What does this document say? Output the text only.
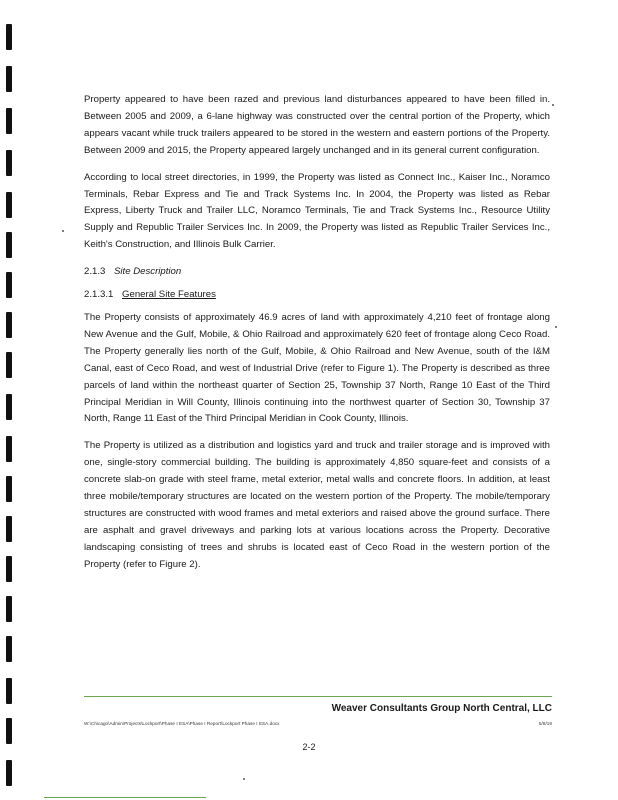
Property appeared to have been razed and previous land disturbances appeared to have been filled in. Between 2005 and 2009, a 6-lane highway was constructed over the central portion of the Property, which appears vacant while truck trailers appeared to be stored in the western and eastern portions of the Property. Between 2009 and 2015, the Property appeared largely unchanged and in its general current configuration.

According to local street directories, in 1999, the Property was listed as Connect Inc., Kaiser Inc., Noramco Terminals, Rebar Express and Tie and Track Systems Inc. In 2004, the Property was listed as Rebar Express, Liberty Truck and Trailer LLC, Noramco Terminals, Tie and Track Systems Inc., Resource Utility Supply and Republic Trailer Services Inc. In 2009, the Property was listed as Republic Trailer Services Inc., Keith's Construction, and Illinois Bulk Carrier.

2.1.3 Site Description
2.1.3.1 General Site Features

The Property consists of approximately 46.9 acres of land with approximately 4,210 feet of frontage along New Avenue and the Gulf, Mobile, & Ohio Railroad and approximately 620 feet of frontage along Ceco Road. The Property generally lies north of the Gulf, Mobile, & Ohio Railroad and New Avenue, south of the I&M Canal, east of Ceco Road, and west of Industrial Drive (refer to Figure 1). The Property is described as three parcels of land within the northeast quarter of Section 25, Township 37 North, Range 10 East of the Third Principal Meridian in Will County, Illinois continuing into the northwest quarter of Section 30, Township 37 North, Range 11 East of the Third Principal Meridian in Cook County, Illinois.

The Property is utilized as a distribution and logistics yard and truck and trailer storage and is improved with one, single-story commercial building. The building is approximately 4,850 square-feet and consists of a concrete slab-on grade with steel frame, metal exterior, metal walls and concrete floors. In addition, at least three mobile/temporary structures are located on the western portion of the Property. The mobile/temporary structures are constructed with wood frames and metal exteriors and raised above the ground surface. There are asphalt and gravel driveways and parking lots at various locations across the Property. Decorative landscaping consisting of trees and shrubs is located east of Ceco Road in the western portion of the Property (refer to Figure 2).

Weaver Consultants Group North Central, LLC
W:\Chicago\Admin\Projects\Lockport\Phase I ESA\Phase I Report\Lockport Phase I ESA.docx	5/8/19
2-2
